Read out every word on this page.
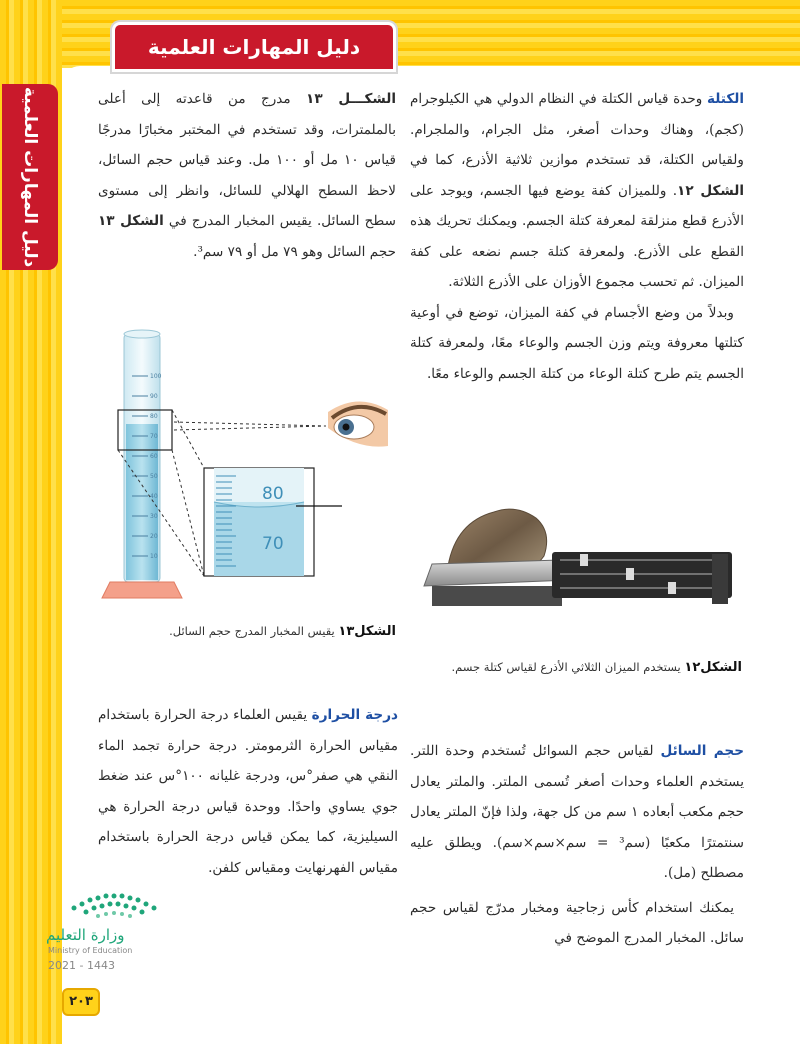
دليل المهارات العلمية
دليل المهارات العلمية	الكتلة وحدة قياس الكتلة في النظام الدولي هي الكيلوجرام (كجم)، وهناك وحدات أصغر، مثل الجرام، والملجرام. ولقياس الكتلة، قد تستخدم موازين ثلاثية الأذرع، كما في الشكل ١٢. وللميزان كفة يوضع فيها الجسم، ويوجد على الأذرع قطع منزلقة لمعرفة كتلة الجسم. ويمكنك تحريك هذه القطع على الأذرع. ولمعرفة كتلة جسم نضعه على كفة الميزان. ثم تحسب مجموع الأوزان على الأذرع الثلاثة.

وبدلاً من وضع الأجسام في كفة الميزان، توضع في أوعية كتلتها معروفة ويتم وزن الجسم والوعاء معًا، ولمعرفة كتلة الجسم يتم طرح كتلة الوعاء من كتلة الجسم والوعاء معًا.

الشكـــل ١٣ مدرج من قاعدته إلى أعلى بالملمترات، وقد تستخدم في المختبر مخبارًا مدرجًا قياس ١٠ مل أو ١٠٠ مل. وعند قياس حجم السائل، لاحظ السطح الهلالي للسائل، وانظر إلى مستوى سطح السائل. يقيس المخبار المدرج في الشكل ١٣ حجم السائل وهو ٧٩ مل أو ٧٩ سم³.

100
90
80
70
60
50
40
30
20
10
80
70
الشكل١٣ يقيس المخبار المدرج حجم السائل.
الشكل١٢ يستخدم الميزان الثلاثي الأذرع لقياس كتلة جسم.

درجة الحرارة يقيس العلماء درجة الحرارة باستخدام مقياس الحرارة الثرمومتر. درجة حرارة تجمد الماء النقي هي صفر°س، ودرجة غليانه ١٠٠°س عند ضغط جوي يساوي واحدًا. ووحدة قياس درجة الحرارة هي السيليزية، كما يمكن قياس درجة الحرارة باستخدام مقياس الفهرنهايت ومقياس كلفن.

حجم السائل لقياس حجم السوائل تُستخدم وحدة اللتر. يستخدم العلماء وحدات أصغر تُسمى الملتر. والملتر يعادل حجم مكعب أبعاده ١ سم من كل جهة، ولذا فإنّ الملتر يعادل سنتمترًا مكعبًا (سم³ = سم×سم×سم). ويطلق عليه مصطلح (مل).

يمكنك استخدام كأس زجاجية ومخبار مدرّج لقياس حجم سائل. المخبار المدرج الموضح في

وزارة التعليم
Ministry of Education
2021 - 1443
٢٠٣
